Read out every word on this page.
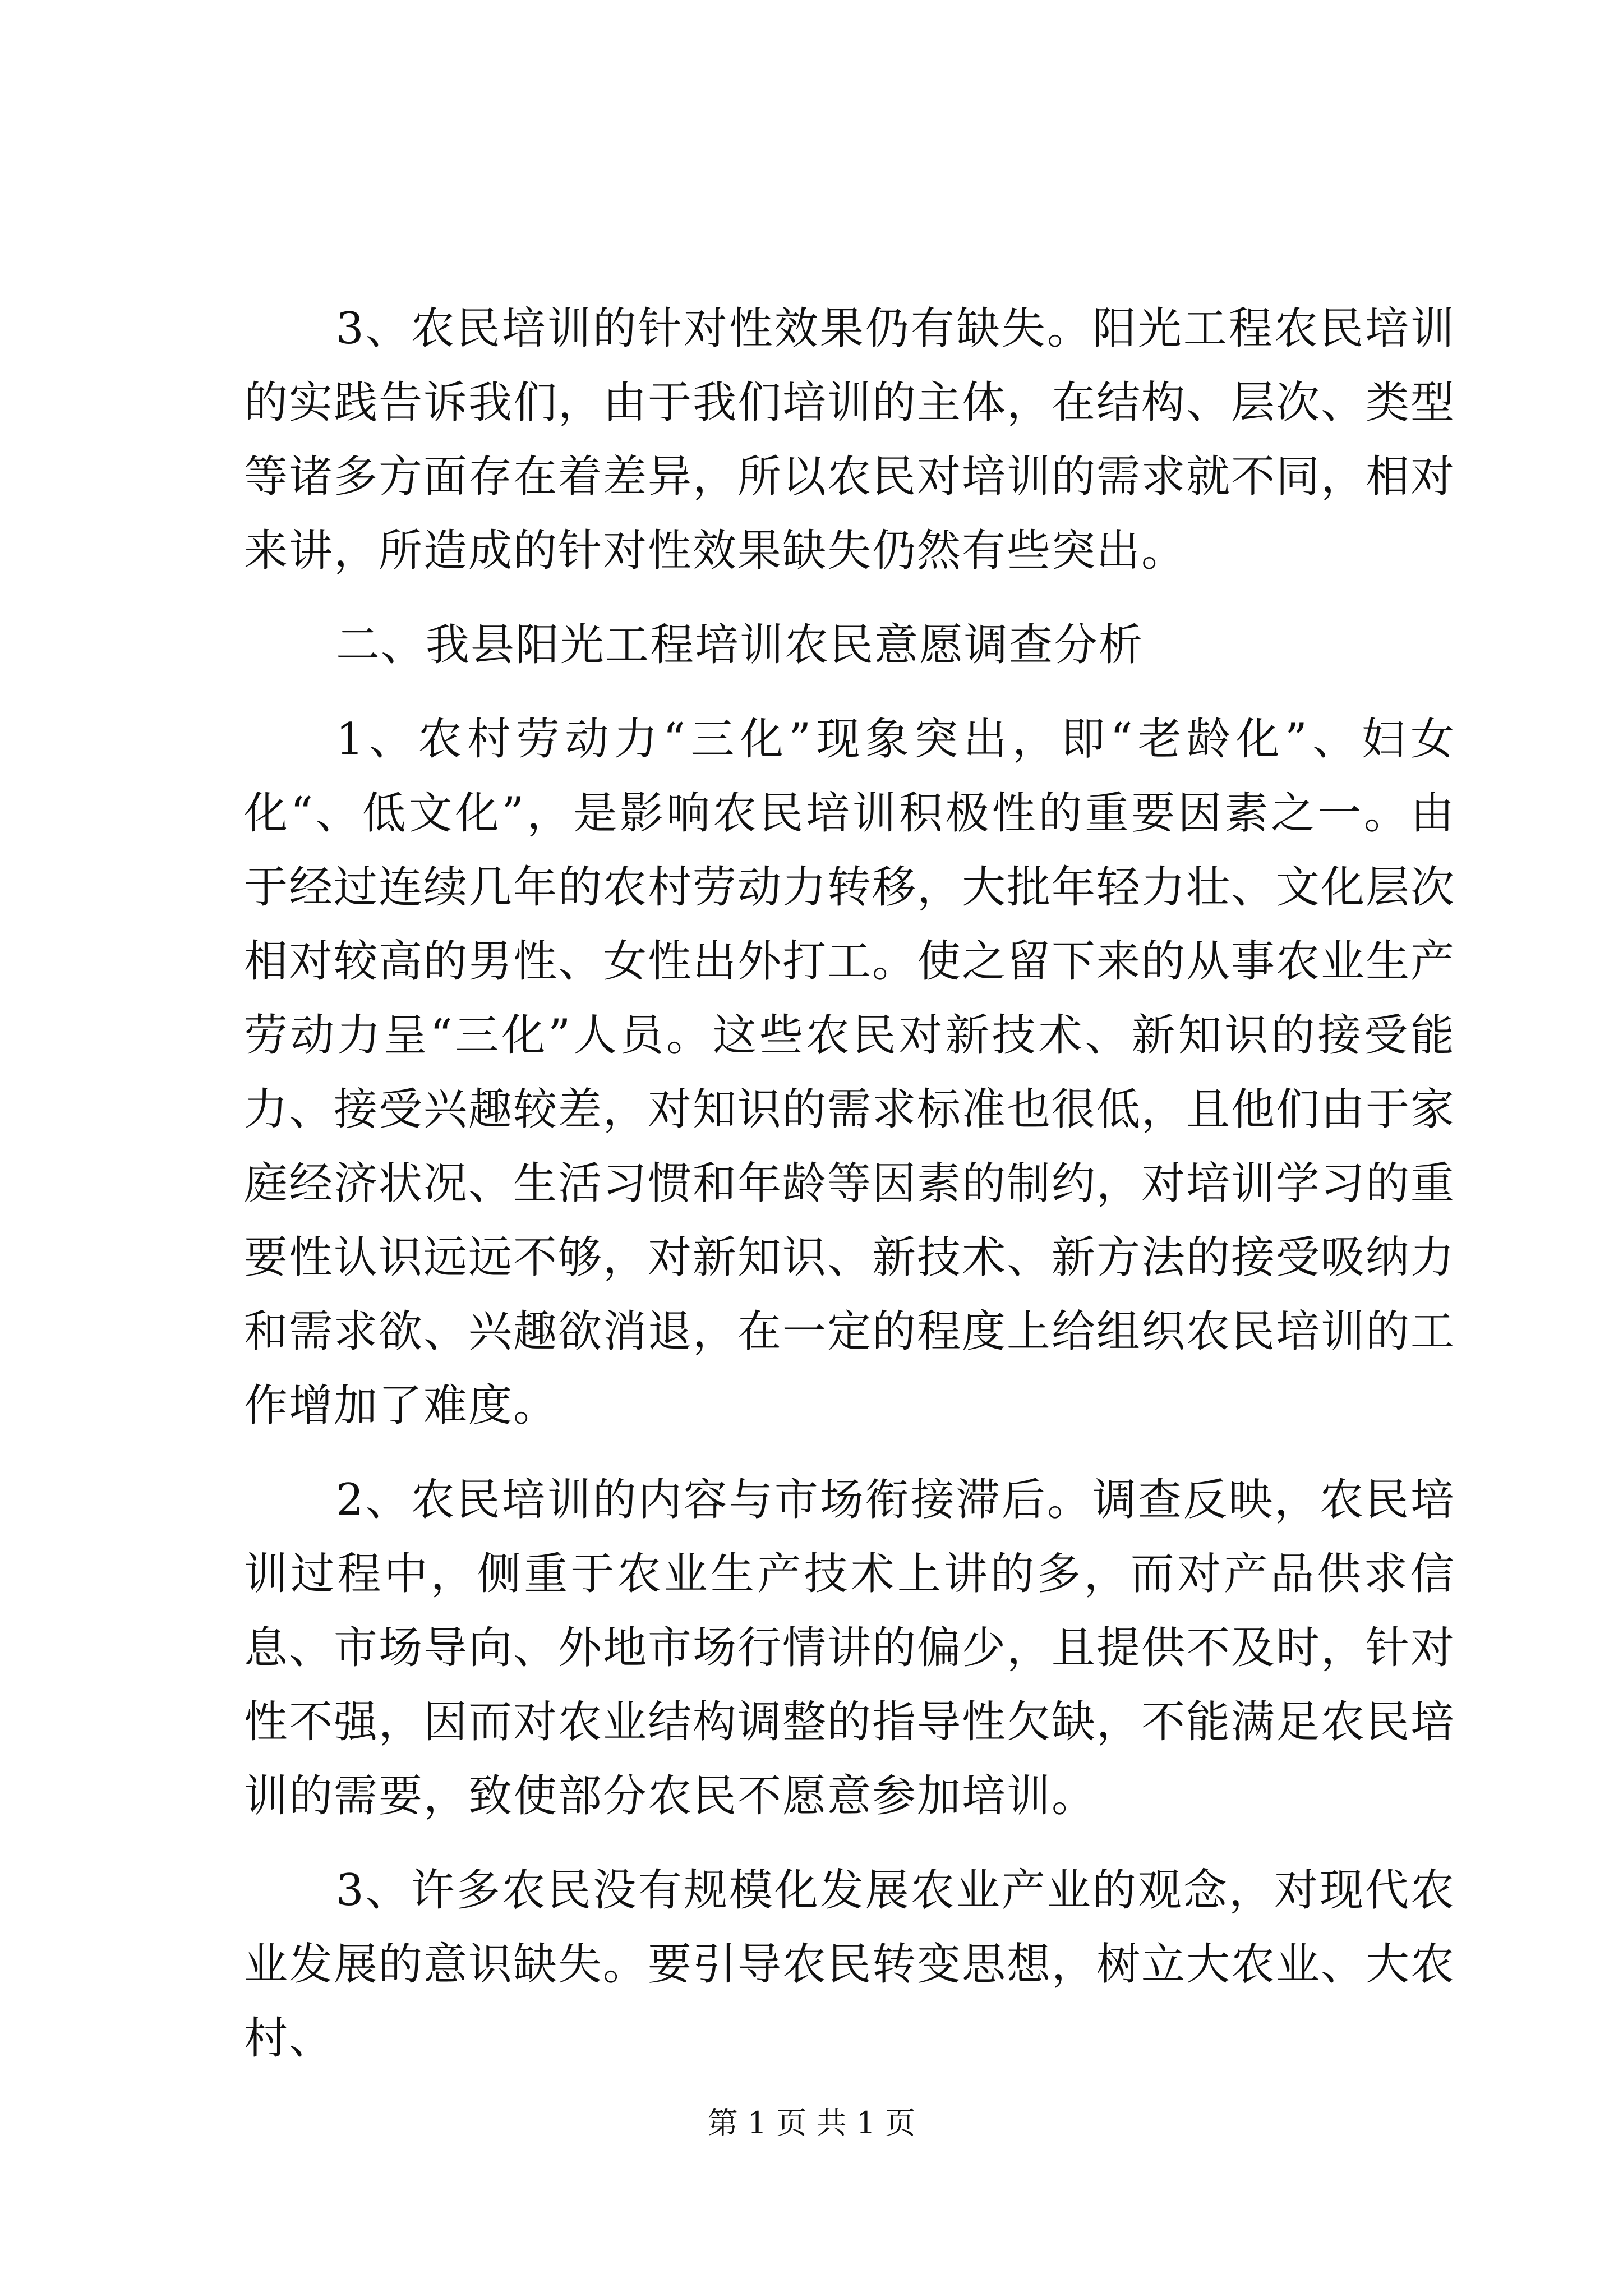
3、农民培训的针对性效果仍有缺失。阳光工程农民培训的实践告诉我们，由于我们培训的主体，在结构、层次、类型等诸多方面存在着差异，所以农民对培训的需求就不同，相对来讲，所造成的针对性效果缺失仍然有些突出。

二、我县阳光工程培训农民意愿调查分析

1、农村劳动力“三化”现象突出，即“老龄化”、妇女化“、低文化”，是影响农民培训积极性的重要因素之一。由于经过连续几年的农村劳动力转移，大批年轻力壮、文化层次相对较高的男性、女性出外打工。使之留下来的从事农业生产劳动力呈“三化”人员。这些农民对新技术、新知识的接受能力、接受兴趣较差，对知识的需求标准也很低，且他们由于家庭经济状况、生活习惯和年龄等因素的制约，对培训学习的重要性认识远远不够，对新知识、新技术、新方法的接受吸纳力和需求欲、兴趣欲消退，在一定的程度上给组织农民培训的工作增加了难度。

2、农民培训的内容与市场衔接滞后。调查反映，农民培训过程中，侧重于农业生产技术上讲的多，而对产品供求信息、市场导向、外地市场行情讲的偏少，且提供不及时，针对性不强，因而对农业结构调整的指导性欠缺，不能满足农民培训的需要，致使部分农民不愿意参加培训。

3、许多农民没有规模化发展农业产业的观念，对现代农业发展的意识缺失。要引导农民转变思想，树立大农业、大农村、

第 1 页 共 1 页
